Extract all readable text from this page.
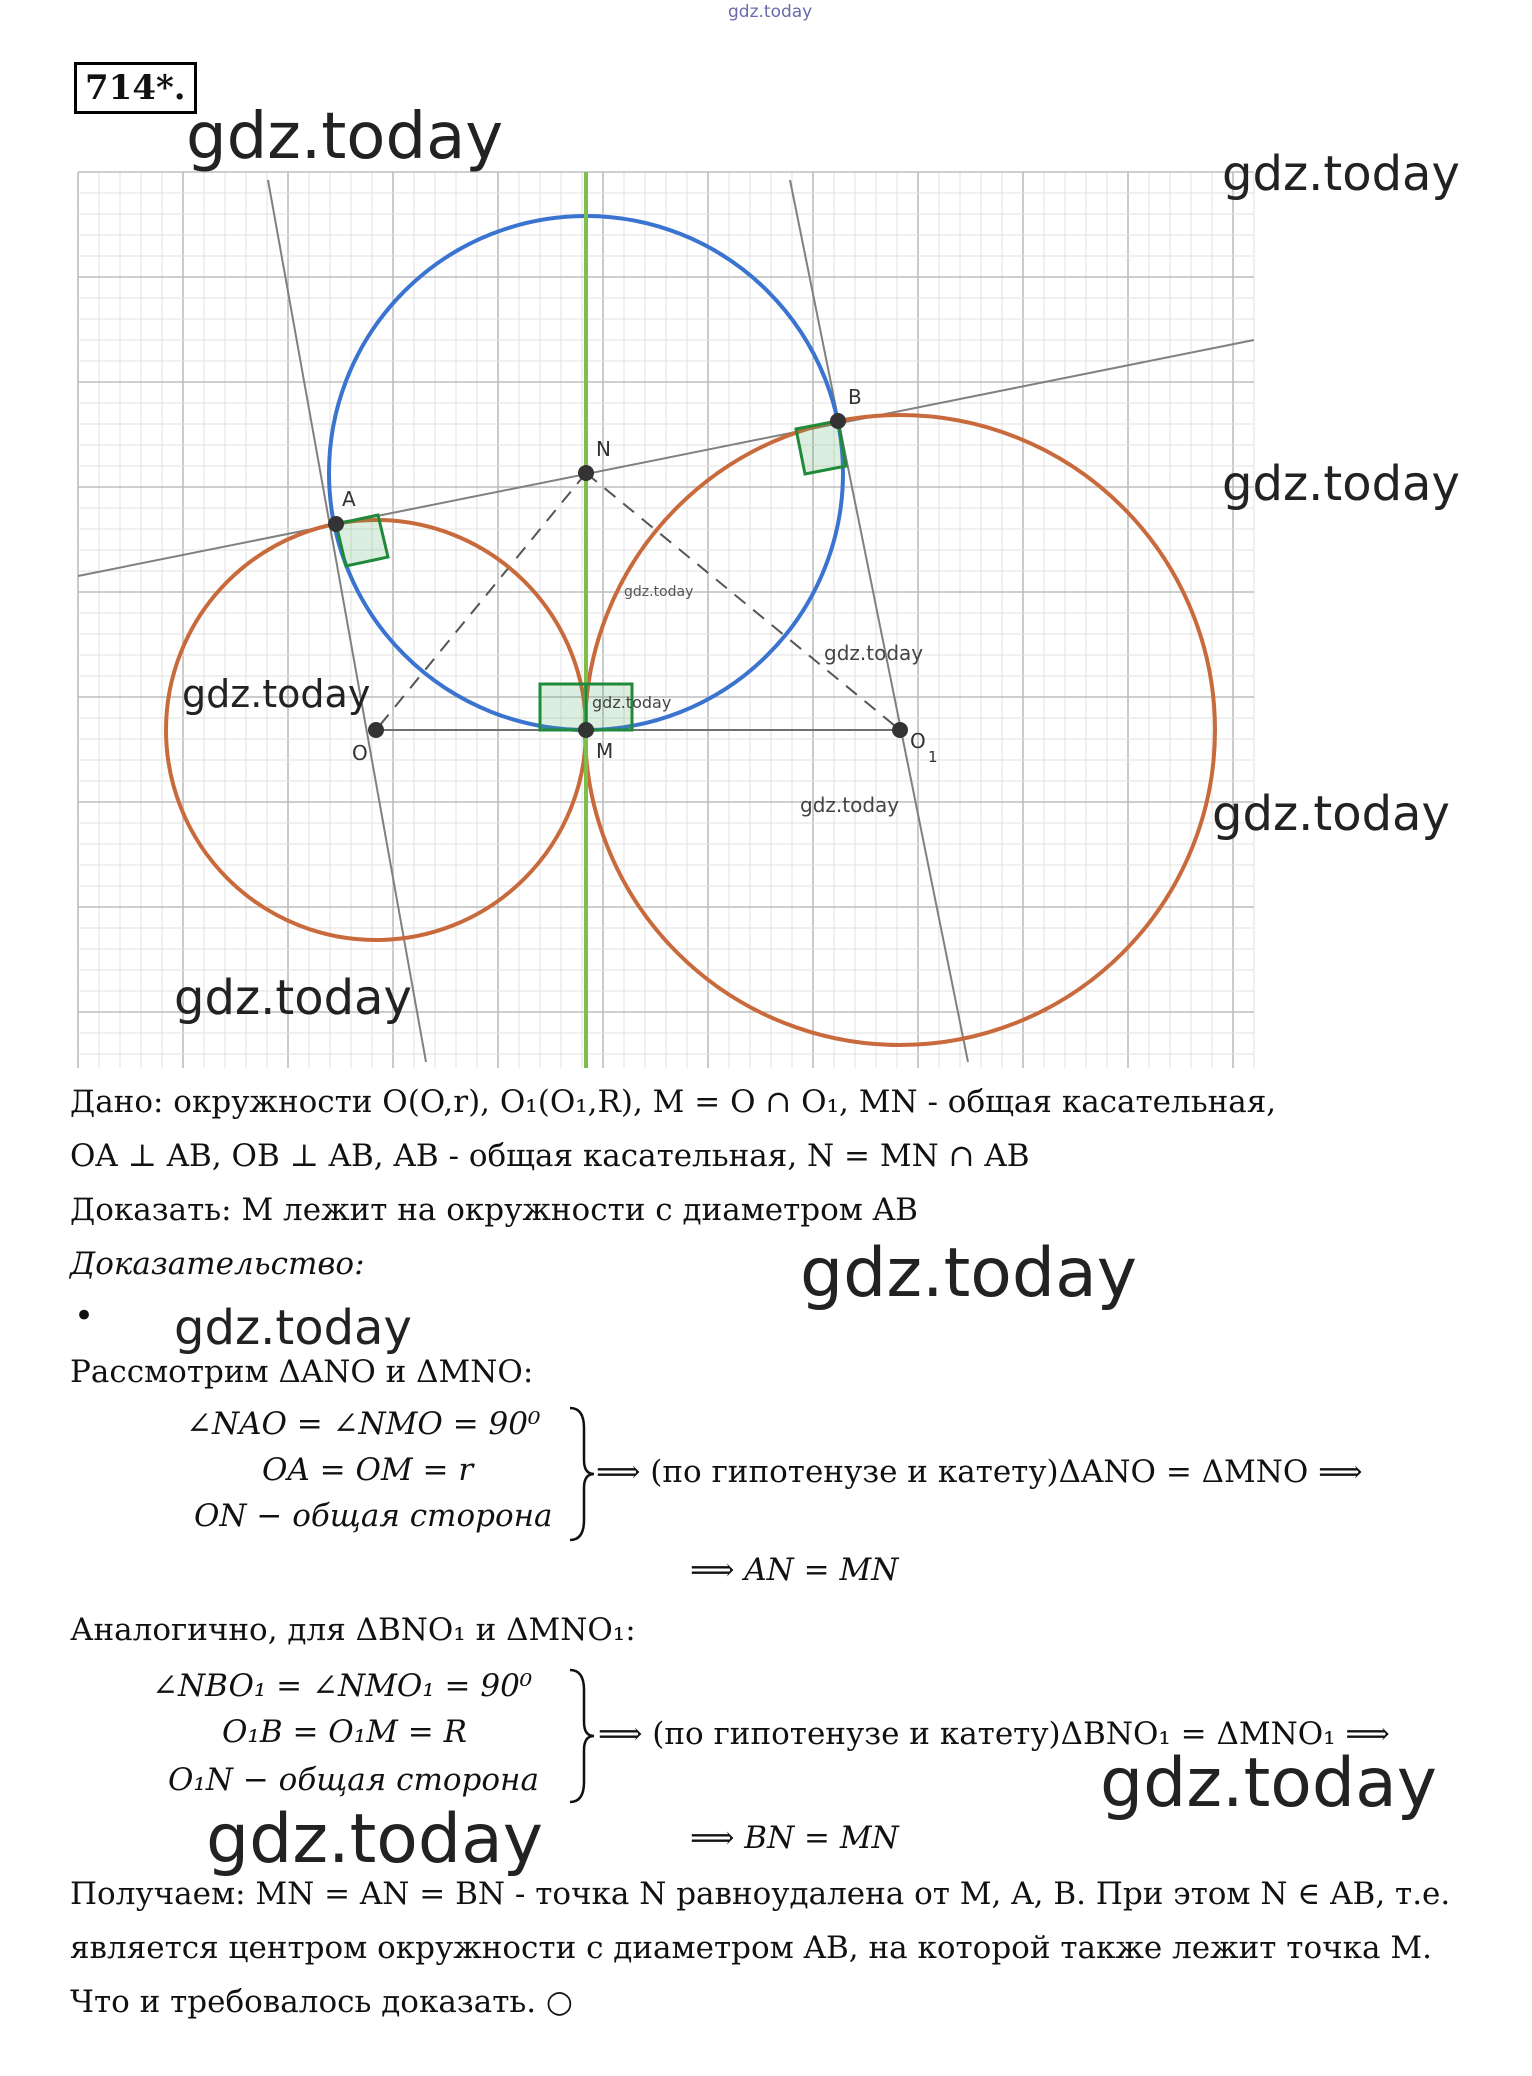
gdz.today
714*.
A
B
N
O	M	O
1
gdz.today
gdz.today
gdz.today
gdz.today
gdz.today	gdz.today
gdz.today
gdz.today
gdz.today
gdz.today
Дано: окружности O(O,r), O₁(O₁,R), M = O ∩ O₁, MN - общая касательная,
OA ⊥ AB, OB ⊥ AB, AB - общая касательная, N = MN ∩ AB
Доказать: M лежит на окружности с диаметром AB
Доказательство:	gdz.today
• gdz.today
Рассмотрим ΔANO и ΔMNO:
∠NAO = ∠NMO = 90⁰
OA = OM = r
ON − общая сторона
⟹ (по гипотенузе и катету)ΔANO = ΔMNO ⟹
⟹ AN = MN
Аналогично, для ΔBNO₁ и ΔMNO₁:
∠NBO₁ = ∠NMO₁ = 90⁰
O₁B = O₁M = R
O₁N − общая сторона
⟹ (по гипотенузе и катету)ΔBNO₁ = ΔMNO₁ ⟹
gdz.today
gdz.today	⟹ BN = MN
Получаем: MN = AN = BN - точка N равноудалена от M, A, B. При этом N ∈ AB, т.е.
является центром окружности с диаметром AB, на которой также лежит точка M.
Что и требовалось доказать. ○
